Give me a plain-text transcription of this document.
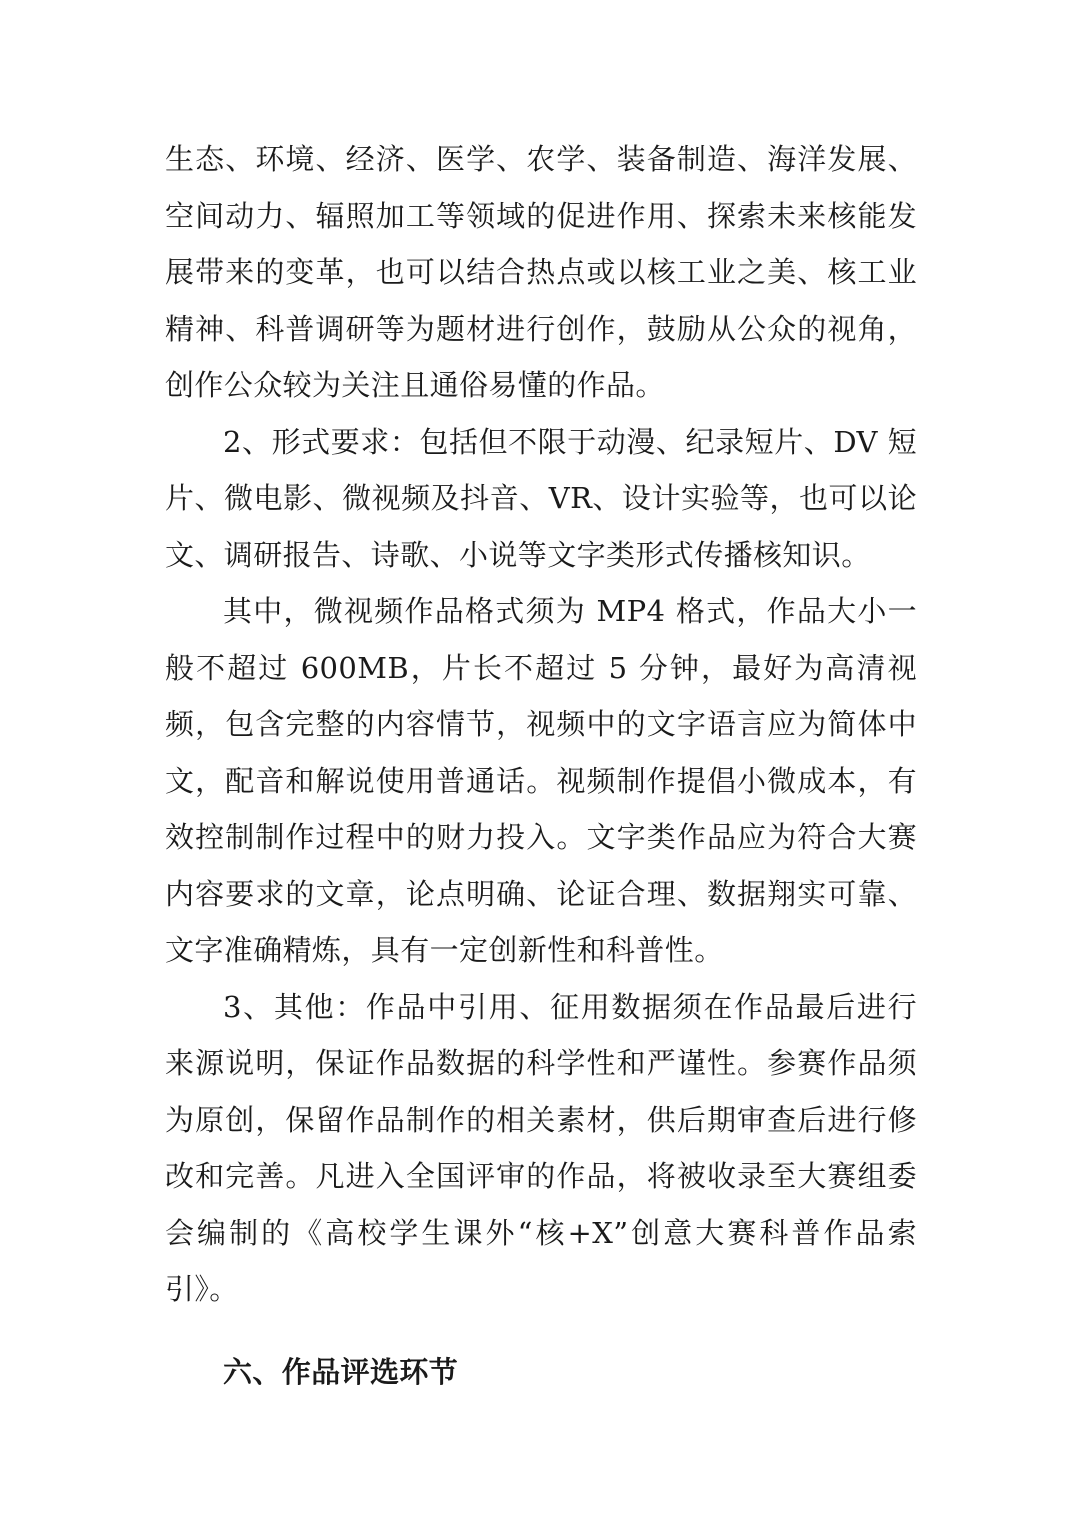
生态、环境、经济、医学、农学、装备制造、海洋发展、空间动力、辐照加工等领域的促进作用、探索未来核能发展带来的变革，也可以结合热点或以核工业之美、核工业精神、科普调研等为题材进行创作，鼓励从公众的视角，创作公众较为关注且通俗易懂的作品。

2、形式要求：包括但不限于动漫、纪录短片、DV 短片、微电影、微视频及抖音、VR、设计实验等，也可以论文、调研报告、诗歌、小说等文字类形式传播核知识。

其中，微视频作品格式须为 MP4 格式，作品大小一般不超过 600MB，片长不超过 5 分钟，最好为高清视频，包含完整的内容情节，视频中的文字语言应为简体中文，配音和解说使用普通话。视频制作提倡小微成本，有效控制制作过程中的财力投入。文字类作品应为符合大赛内容要求的文章，论点明确、论证合理、数据翔实可靠、文字准确精炼，具有一定创新性和科普性。

3、其他：作品中引用、征用数据须在作品最后进行来源说明，保证作品数据的科学性和严谨性。参赛作品须为原创，保留作品制作的相关素材，供后期审查后进行修改和完善。凡进入全国评审的作品，将被收录至大赛组委会编制的《高校学生课外“核+X”创意大赛科普作品索引》。

六、作品评选环节
